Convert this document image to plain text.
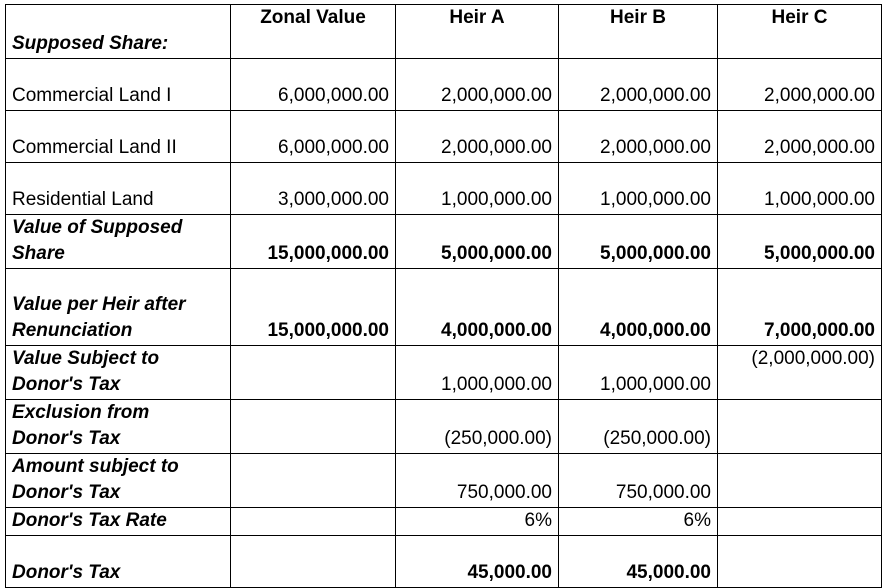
Supposed Share:	Zonal Value	Heir A	Heir B	Heir C
Commercial Land I	6,000,000.00	2,000,000.00	2,000,000.00	2,000,000.00
Commercial Land II	6,000,000.00	2,000,000.00	2,000,000.00	2,000,000.00
Residential Land	3,000,000.00	1,000,000.00	1,000,000.00	1,000,000.00
Value of Supposed Share	15,000,000.00	5,000,000.00	5,000,000.00	5,000,000.00
Value per Heir after Renunciation	15,000,000.00	4,000,000.00	4,000,000.00	7,000,000.00
Value Subject to Donor's Tax		1,000,000.00	1,000,000.00	(2,000,000.00)
Exclusion from Donor's Tax		(250,000.00)	(250,000.00)	
Amount subject to Donor's Tax		750,000.00	750,000.00	
Donor's Tax Rate		6%	6%	
Donor's Tax		45,000.00	45,000.00	
